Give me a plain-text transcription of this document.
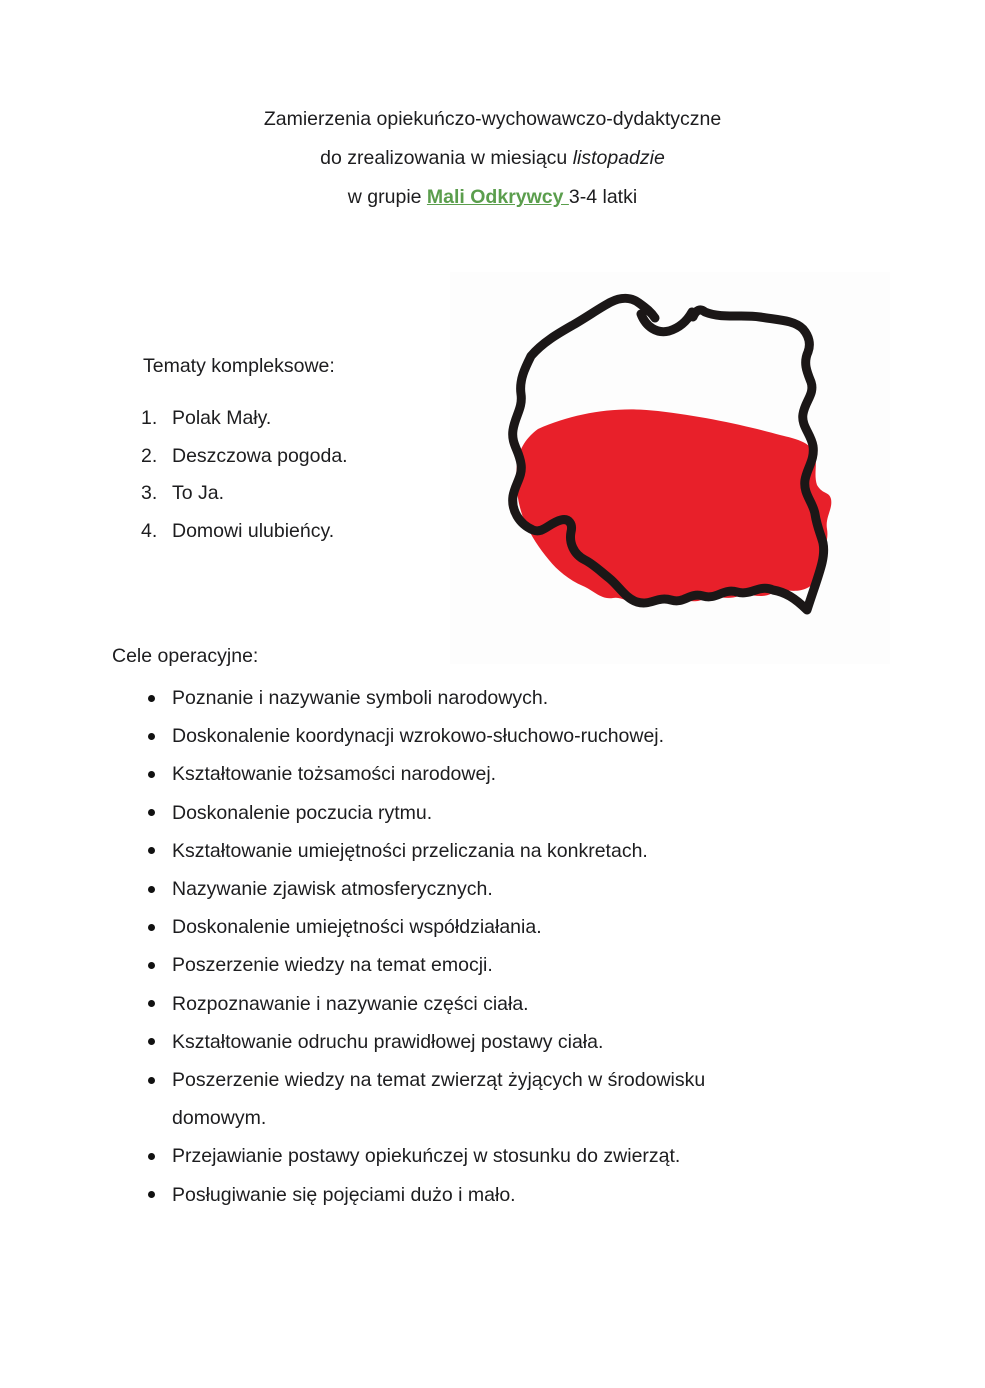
Zamierzenia opiekuńczo-wychowawczo-dydaktyczne
do zrealizowania w miesiącu listopadzie
w grupie Mali Odkrywcy 3-4 latki
Tematy kompleksowe:
1. Polak Mały.
2. Deszczowa pogoda.
3. To Ja.
4. Domowi ulubieńcy.
Cele operacyjne:
Poznanie i nazywanie symboli narodowych.
Doskonalenie koordynacji wzrokowo-słuchowo-ruchowej.
Kształtowanie tożsamości narodowej.
Doskonalenie poczucia rytmu.
Kształtowanie umiejętności przeliczania na konkretach.
Nazywanie zjawisk atmosferycznych.
Doskonalenie umiejętności współdziałania.
Poszerzenie wiedzy na temat emocji.
Rozpoznawanie i nazywanie części ciała.
Kształtowanie odruchu prawidłowej postawy ciała.
Poszerzenie wiedzy na temat zwierząt żyjących w środowisku domowym.
Przejawianie postawy opiekuńczej w stosunku do zwierząt.
Posługiwanie się pojęciami dużo i mało.
